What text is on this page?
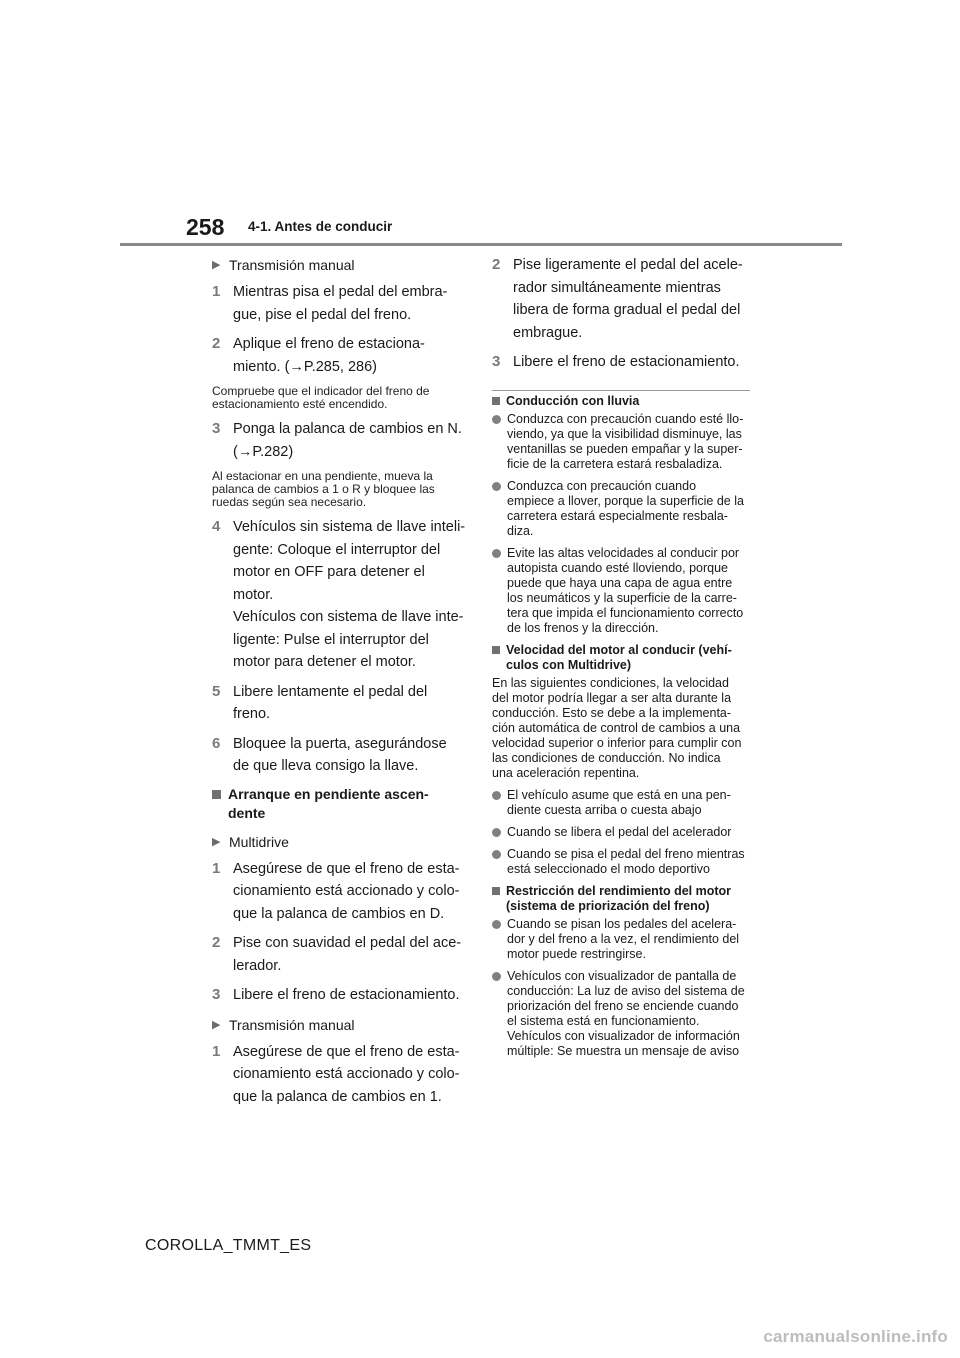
258 4-1. Antes de conducir
▶ Transmisión manual
1 Mientras pisa el pedal del embra-
gue, pise el pedal del freno.
2 Aplique el freno de estaciona-
miento. (→P.285, 286)
Compruebe que el indicador del freno de
estacionamiento esté encendido.
3 Ponga la palanca de cambios en N.
(→P.282)
Al estacionar en una pendiente, mueva la
palanca de cambios a 1 o R y bloquee las
ruedas según sea necesario.
4 Vehículos sin sistema de llave inteli-
gente: Coloque el interruptor del
motor en OFF para detener el
motor.
Vehículos con sistema de llave inte-
ligente: Pulse el interruptor del
motor para detener el motor.
5 Libere lentamente el pedal del
freno.
6 Bloquee la puerta, asegurándose
de que lleva consigo la llave.
Arranque en pendiente ascen-
dente
▶ Multidrive
1 Asegúrese de que el freno de esta-
cionamiento está accionado y colo-
que la palanca de cambios en D.
2 Pise con suavidad el pedal del ace-
lerador.
3 Libere el freno de estacionamiento.
▶ Transmisión manual
1 Asegúrese de que el freno de esta-
cionamiento está accionado y colo-
que la palanca de cambios en 1.
2 Pise ligeramente el pedal del acele-
rador simultáneamente mientras
libera de forma gradual el pedal del
embrague.
3 Libere el freno de estacionamiento.
Conducción con lluvia
Conduzca con precaución cuando esté llo-
viendo, ya que la visibilidad disminuye, las
ventanillas se pueden empañar y la super-
ficie de la carretera estará resbaladiza.
Conduzca con precaución cuando
empiece a llover, porque la superficie de la
carretera estará especialmente resbala-
diza.
Evite las altas velocidades al conducir por
autopista cuando esté lloviendo, porque
puede que haya una capa de agua entre
los neumáticos y la superficie de la carre-
tera que impida el funcionamiento correcto
de los frenos y la dirección.
Velocidad del motor al conducir (vehí-
culos con Multidrive)
En las siguientes condiciones, la velocidad
del motor podría llegar a ser alta durante la
conducción. Esto se debe a la implementa-
ción automática de control de cambios a una
velocidad superior o inferior para cumplir con
las condiciones de conducción. No indica
una aceleración repentina.
El vehículo asume que está en una pen-
diente cuesta arriba o cuesta abajo
Cuando se libera el pedal del acelerador
Cuando se pisa el pedal del freno mientras
está seleccionado el modo deportivo
Restricción del rendimiento del motor
(sistema de priorización del freno)
Cuando se pisan los pedales del acelera-
dor y del freno a la vez, el rendimiento del
motor puede restringirse.
Vehículos con visualizador de pantalla de
conducción: La luz de aviso del sistema de
priorización del freno se enciende cuando
el sistema está en funcionamiento.
Vehículos con visualizador de información
múltiple: Se muestra un mensaje de aviso
COROLLA_TMMT_ES
carmanualsonline.info
